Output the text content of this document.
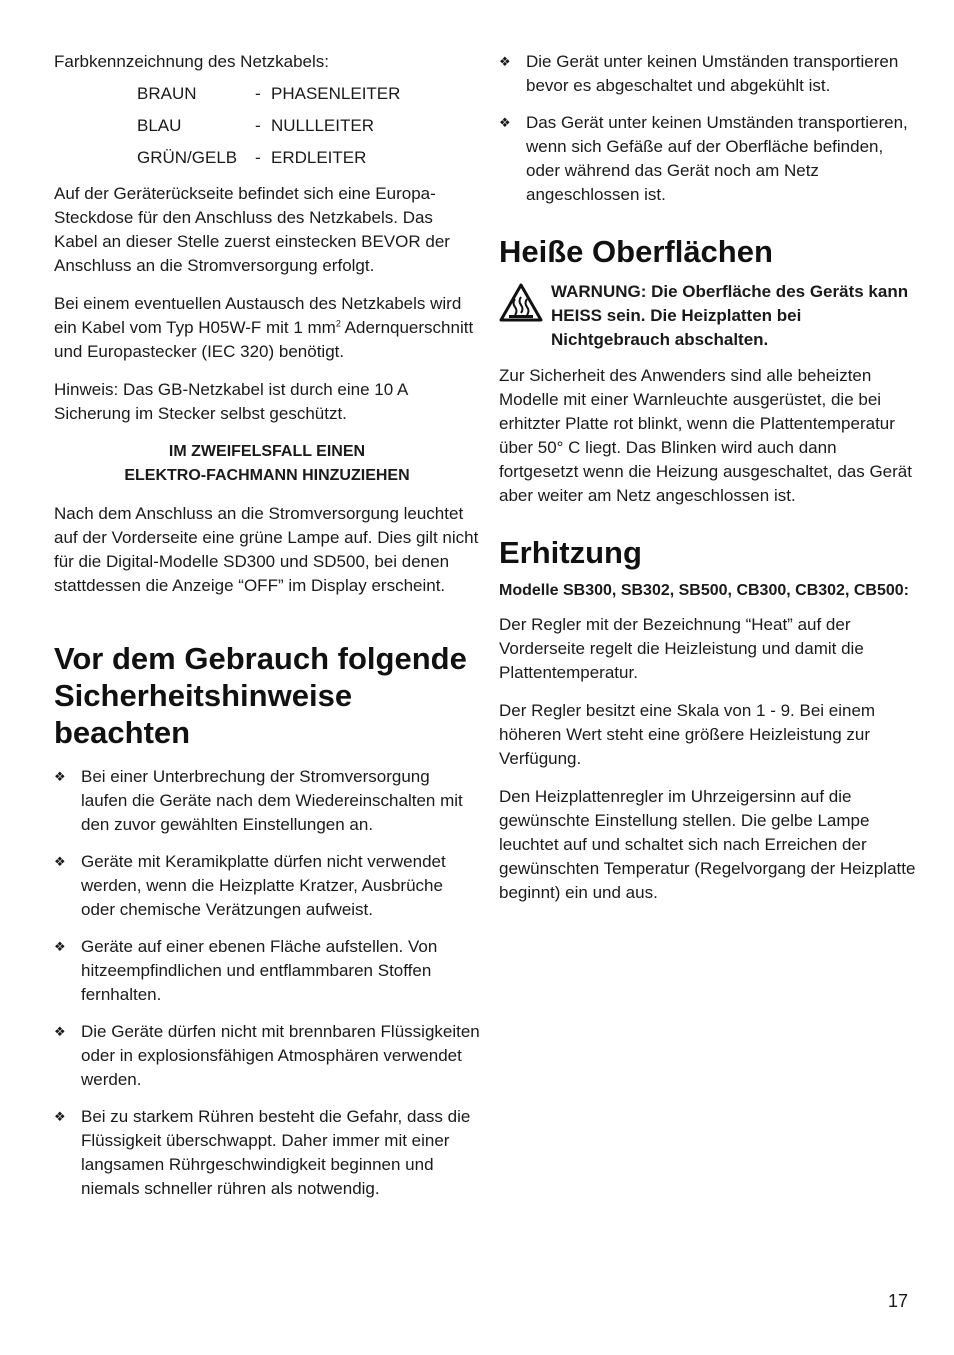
Farbkennzeichnung des Netzkabels:

BRAUN	- PHASENLEITER
BLAU	- NULLLEITER
GRÜN/GELB	- ERDLEITER

Auf der Geräterückseite befindet sich eine Europa-Steckdose für den Anschluss des Netzkabels. Das Kabel an dieser Stelle zuerst einstecken BEVOR der Anschluss an die Stromversorgung erfolgt.

Bei einem eventuellen Austausch des Netzkabels wird ein Kabel vom Typ H05W-F mit 1 $mm^2$ Adernquerschnitt und Europastecker (IEC 320) benötigt.

Hinweis: Das GB-Netzkabel ist durch eine 10 A Sicherung im Stecker selbst geschützt.

IM ZWEIFELSFALL EINEN
ELEKTRO-FACHMANN HINZUZIEHEN

Nach dem Anschluss an die Stromversorgung leuchtet auf der Vorderseite eine grüne Lampe auf. Dies gilt nicht für die Digital-Modelle SD300 und SD500, bei denen stattdessen die Anzeige “OFF” im Display erscheint.

Vor dem Gebrauch folgende Sicherheitshinweise beachten
❖ Bei einer Unterbrechung der Stromversorgung laufen die Geräte nach dem Wiedereinschalten mit den zuvor gewählten Einstellungen an.
❖ Geräte mit Keramikplatte dürfen nicht verwendet werden, wenn die Heizplatte Kratzer, Ausbrüche oder chemische Verätzungen aufweist.
❖ Geräte auf einer ebenen Fläche aufstellen. Von hitzeempfindlichen und entflammbaren Stoffen fernhalten.
❖ Die Geräte dürfen nicht mit brennbaren Flüssigkeiten oder in explosionsfähigen Atmosphären verwendet werden.
❖ Bei zu starkem Rühren besteht die Gefahr, dass die Flüssigkeit überschwappt. Daher immer mit einer langsamen Rührgeschwindigkeit beginnen und niemals schneller rühren als notwendig.
❖ Die Gerät unter keinen Umständen transportieren bevor es abgeschaltet und abgekühlt ist.
❖ Das Gerät unter keinen Umständen transportieren, wenn sich Gefäße auf der Oberfläche befinden, oder während das Gerät noch am Netz angeschlossen ist.
Heiße Oberflächen
WARNUNG: Die Oberfläche des Geräts kann HEISS sein. Die Heizplatten bei Nichtgebrauch abschalten.

Zur Sicherheit des Anwenders sind alle beheizten Modelle mit einer Warnleuchte ausgerüstet, die bei erhitzter Platte rot blinkt, wenn die Plattentemperatur über 50° C liegt. Das Blinken wird auch dann fortgesetzt wenn die Heizung ausgeschaltet, das Gerät aber weiter am Netz angeschlossen ist.

Erhitzung
Modelle SB300, SB302, SB500, CB300, CB302, CB500:

Der Regler mit der Bezeichnung “Heat” auf der Vorderseite regelt die Heizleistung und damit die Plattentemperatur.

Der Regler besitzt eine Skala von 1 - 9. Bei einem höheren Wert steht eine größere Heizleistung zur Verfügung.

Den Heizplattenregler im Uhrzeigersinn auf die gewünschte Einstellung stellen. Die gelbe Lampe leuchtet auf und schaltet sich nach Erreichen der gewünschten Temperatur (Regelvorgang der Heizplatte beginnt) ein und aus.

17
